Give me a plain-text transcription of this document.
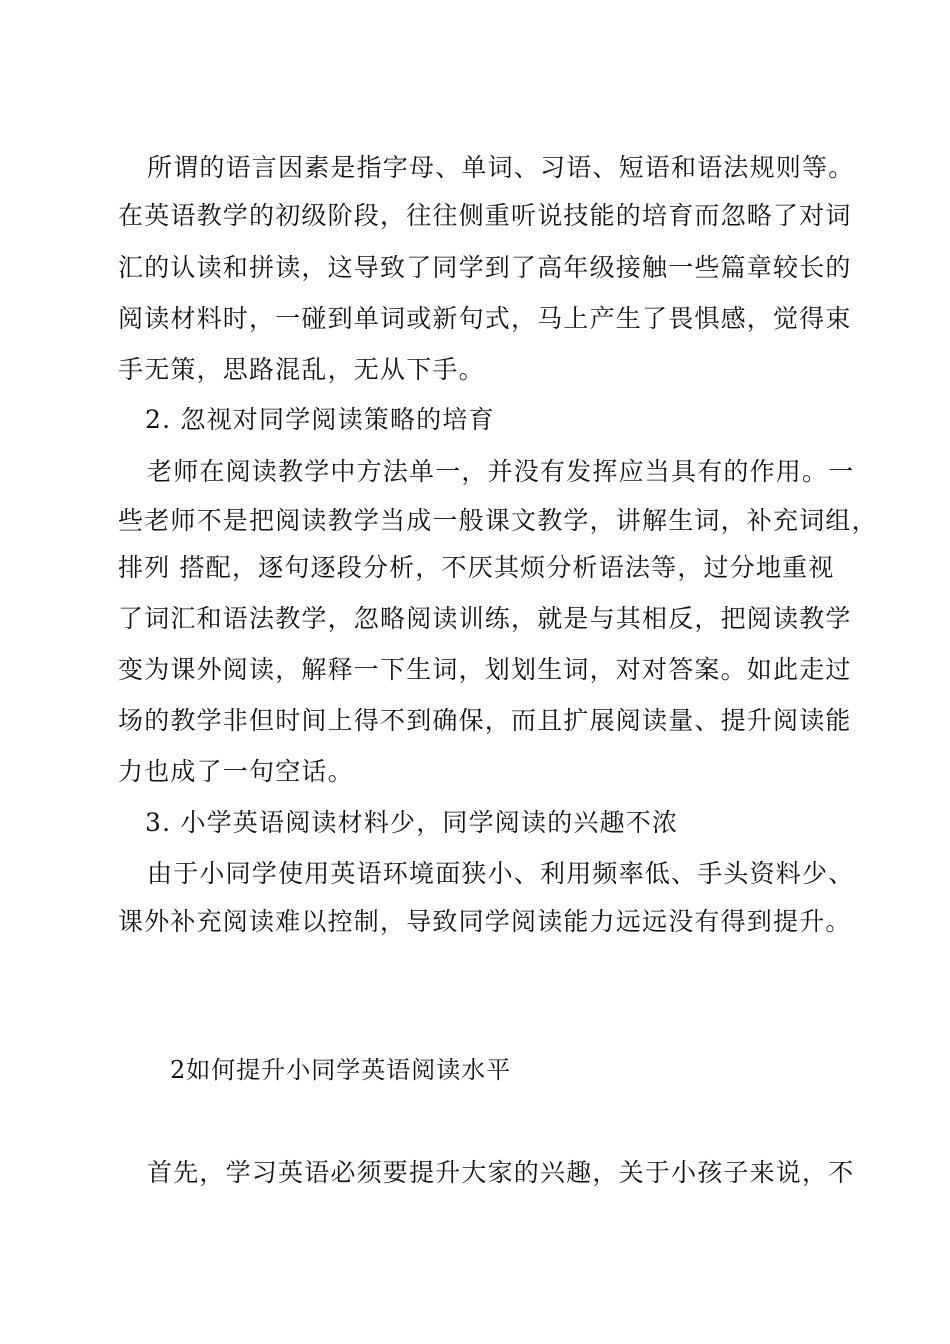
所谓的语言因素是指字母、单词、习语、短语和语法规则等。
在英语教学的初级阶段，往往侧重听说技能的培育而忽略了对词
汇的认读和拼读，这导致了同学到了高年级接触一些篇章较长的
阅读材料时，一碰到单词或新句式，马上产生了畏惧感，觉得束
手无策，思路混乱，无从下手。
2. 忽视对同学阅读策略的培育
老师在阅读教学中方法单一，并没有发挥应当具有的作用。一
些老师不是把阅读教学当成一般课文教学，讲解生词，补充词组，
排列 搭配，逐句逐段分析，不厌其烦分析语法等，过分地重视
了词汇和语法教学，忽略阅读训练，就是与其相反，把阅读教学
变为课外阅读，解释一下生词，划划生词，对对答案。如此走过
场的教学非但时间上得不到确保，而且扩展阅读量、提升阅读能
力也成了一句空话。
3. 小学英语阅读材料少，同学阅读的兴趣不浓
由于小同学使用英语环境面狭小、利用频率低、手头资料少、
课外补充阅读难以控制，导致同学阅读能力远远没有得到提升。
2如何提升小同学英语阅读水平
首先，学习英语必须要提升大家的兴趣，关于小孩子来说，不
